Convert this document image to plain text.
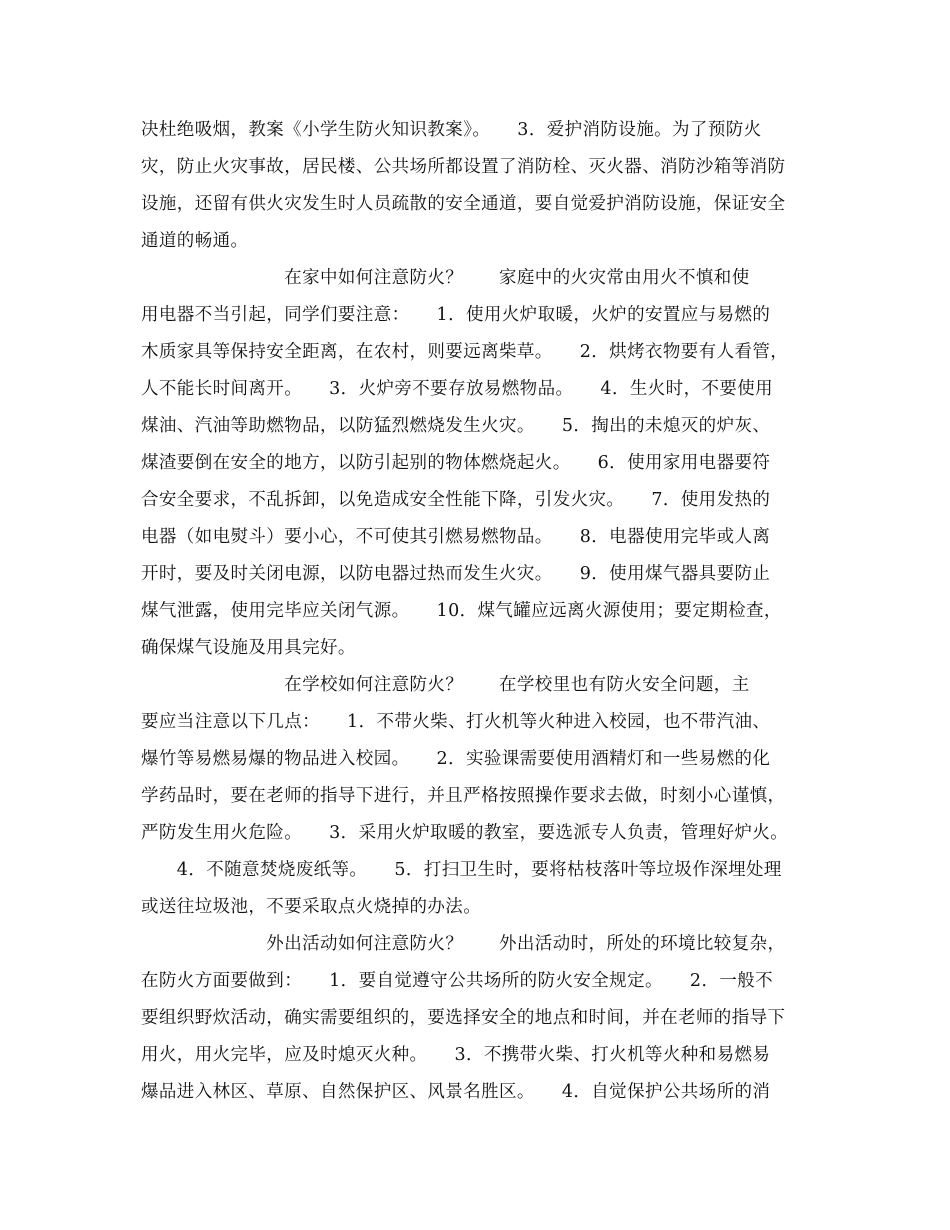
决杜绝吸烟，教案《小学生防火知识教案》。　　3．爱护消防设施。为了预防火
灾，防止火灾事故，居民楼、公共场所都设置了消防栓、灭火器、消防沙箱等消防
设施，还留有供火灾发生时人员疏散的安全通道，要自觉爱护消防设施，保证安全
通道的畅通。
　　　　　　　　在家中如何注意防火？　　家庭中的火灾常由用火不慎和使
用电器不当引起，同学们要注意：　　1．使用火炉取暖，火炉的安置应与易燃的
木质家具等保持安全距离，在农村，则要远离柴草。　　2．烘烤衣物要有人看管，
人不能长时间离开。　　3．火炉旁不要存放易燃物品。　　4．生火时，不要使用
煤油、汽油等助燃物品，以防猛烈燃烧发生火灾。　　5．掏出的未熄灭的炉灰、
煤渣要倒在安全的地方，以防引起别的物体燃烧起火。　　6．使用家用电器要符
合安全要求，不乱拆卸，以免造成安全性能下降，引发火灾。　　7．使用发热的
电器（如电熨斗）要小心，不可使其引燃易燃物品。　　8．电器使用完毕或人离
开时，要及时关闭电源，以防电器过热而发生火灾。　　9．使用煤气器具要防止
煤气泄露，使用完毕应关闭气源。　　10．煤气罐应远离火源使用；要定期检查，
确保煤气设施及用具完好。
　　　　　　　　在学校如何注意防火？　　在学校里也有防火安全问题，主
要应当注意以下几点：　　1．不带火柴、打火机等火种进入校园，也不带汽油、
爆竹等易燃易爆的物品进入校园。　　2．实验课需要使用酒精灯和一些易燃的化
学药品时，要在老师的指导下进行，并且严格按照操作要求去做，时刻小心谨慎，
严防发生用火危险。　　3．采用火炉取暖的教室，要选派专人负责，管理好炉火。
　　4．不随意焚烧废纸等。　　5．打扫卫生时，要将枯枝落叶等垃圾作深埋处理
或送往垃圾池，不要采取点火烧掉的办法。
　　　　　　　外出活动如何注意防火？　　外出活动时，所处的环境比较复杂，
在防火方面要做到：　　1．要自觉遵守公共场所的防火安全规定。　　2．一般不
要组织野炊活动，确实需要组织的，要选择安全的地点和时间，并在老师的指导下
用火，用火完毕，应及时熄灭火种。　　3．不携带火柴、打火机等火种和易燃易
爆品进入林区、草原、自然保护区、风景名胜区。　　4．自觉保护公共场所的消
